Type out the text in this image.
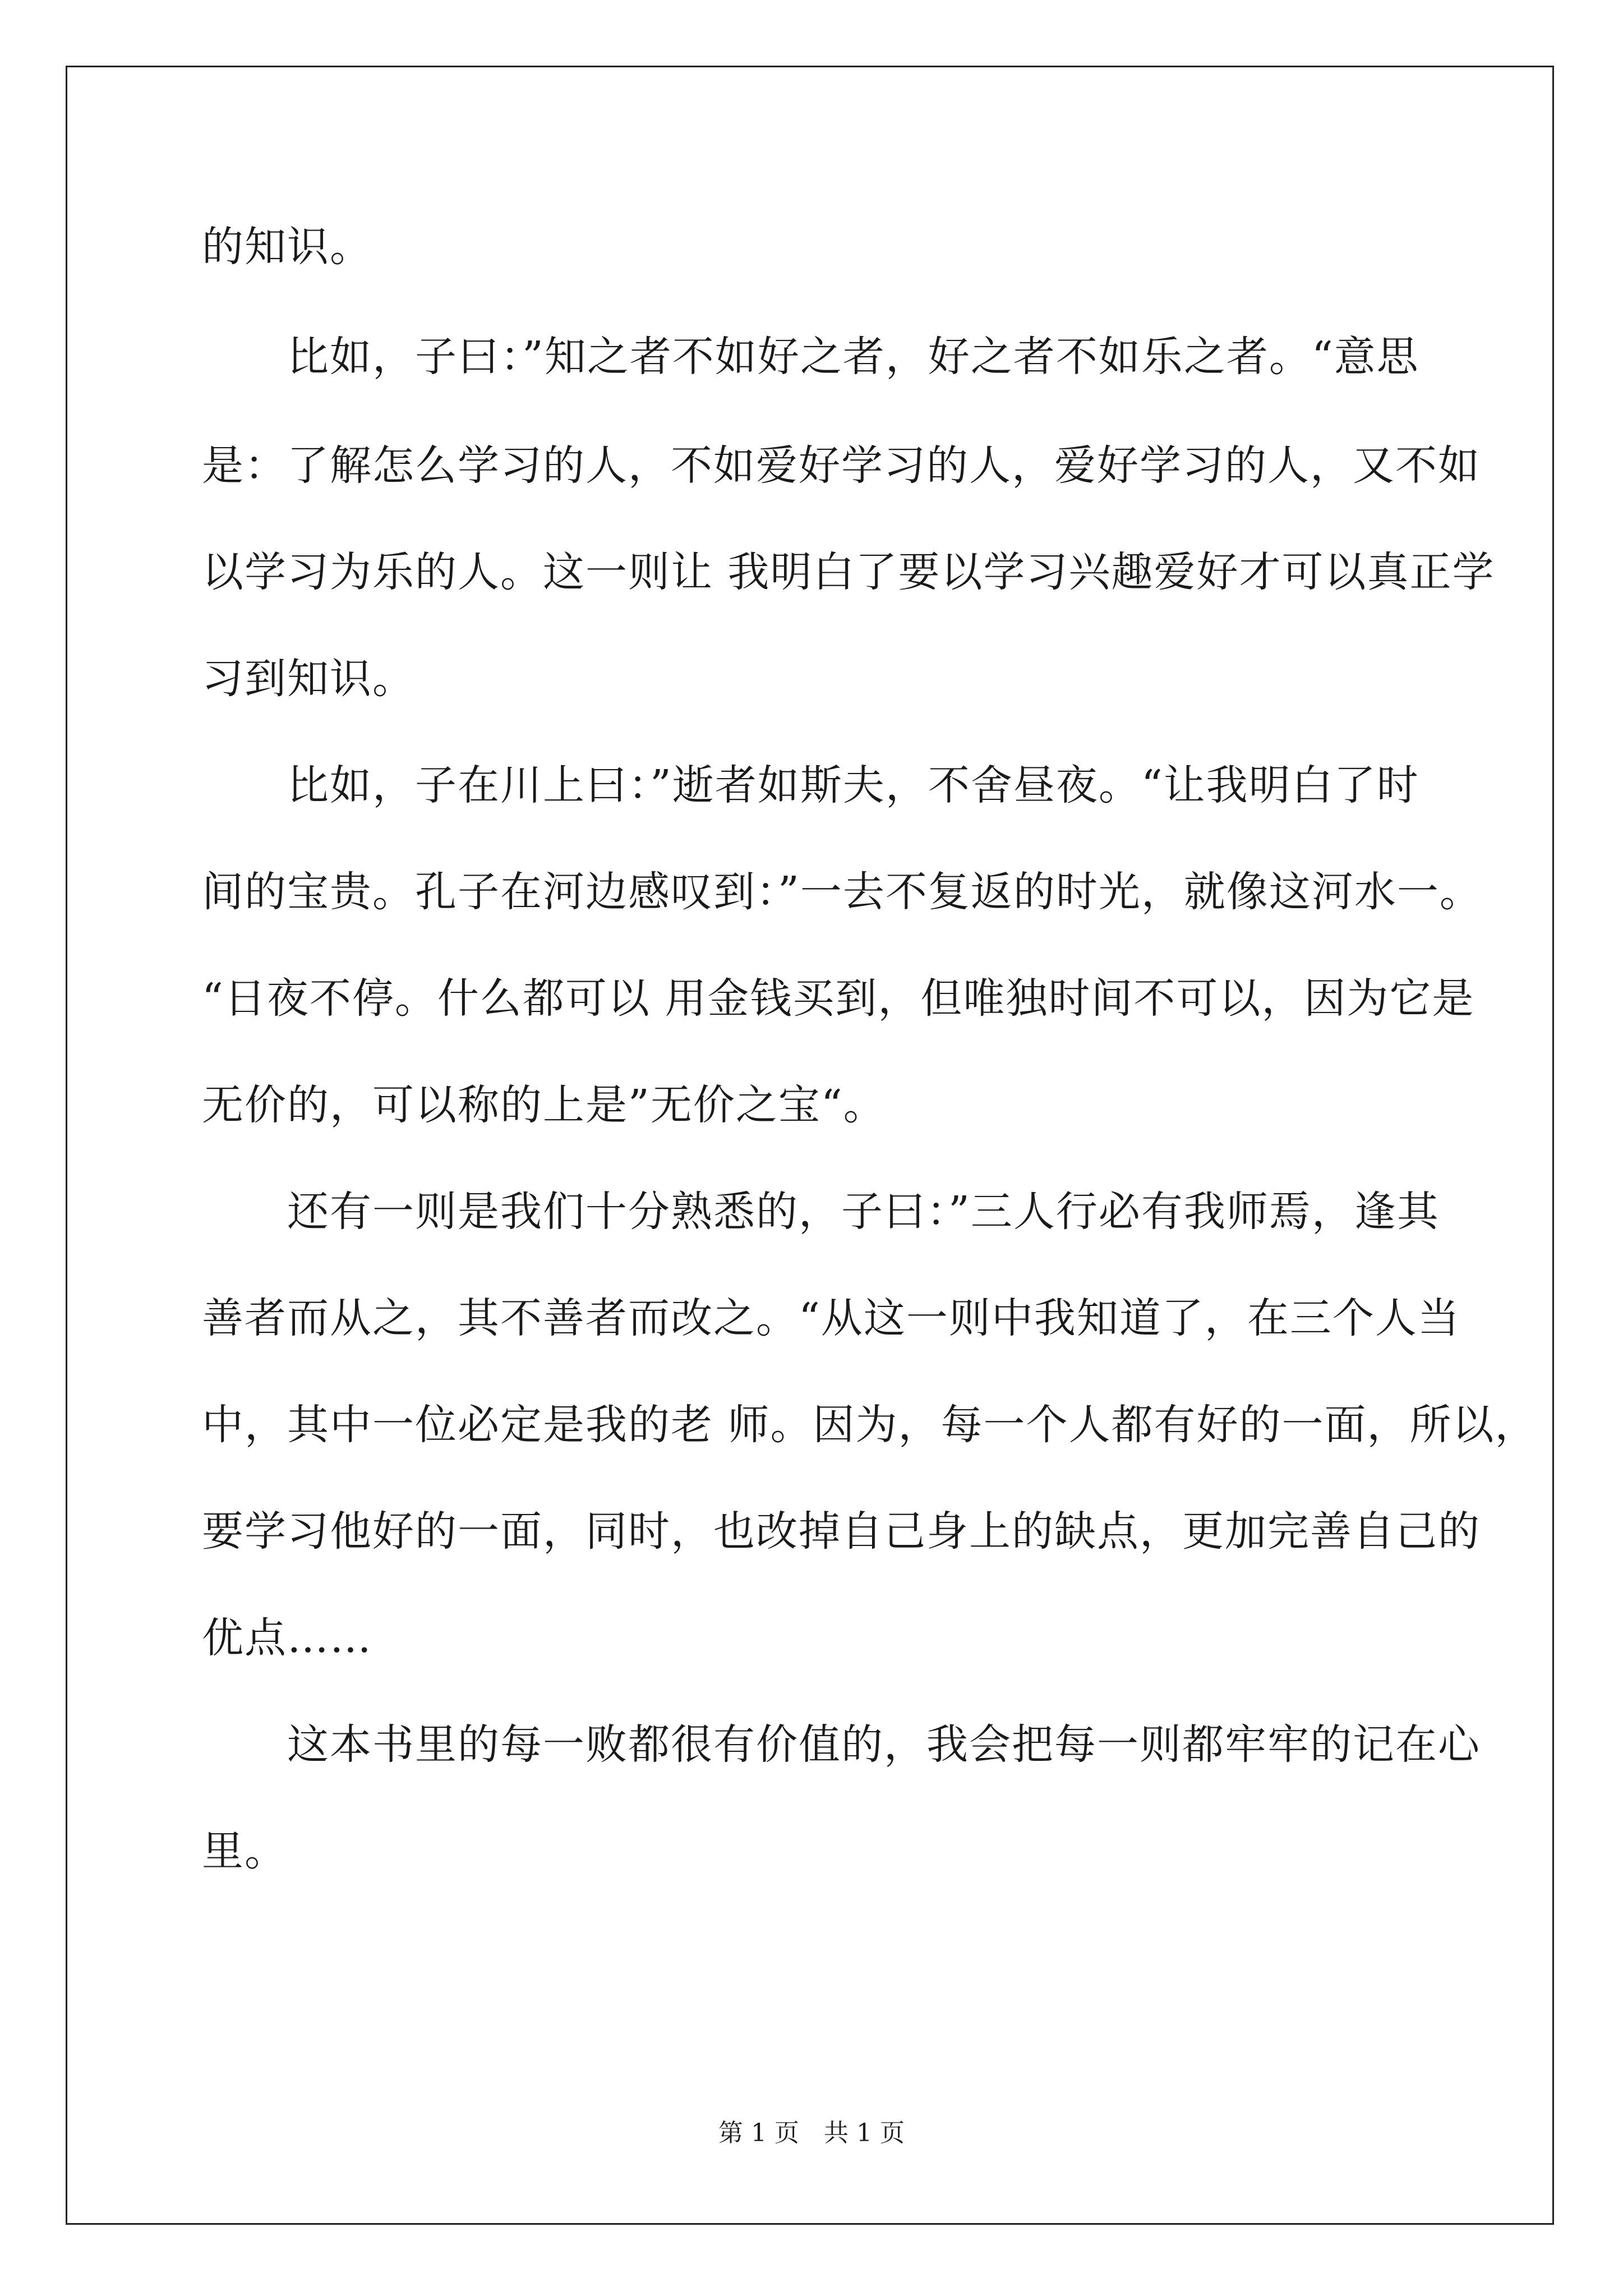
的知识。
　　比如，子曰：”知之者不如好之者，好之者不如乐之者。“意思
是：了解怎么学习的人，不如爱好学习的人，爱好学习的人，又不如
以学习为乐的人。这一则让 我明白了要以学习兴趣爱好才可以真正学
习到知识。
　　比如，子在川上曰：”逝者如斯夫，不舍昼夜。“让我明白了时
间的宝贵。孔子在河边感叹到：”一去不复返的时光，就像这河水一。
“日夜不停。什么都可以 用金钱买到，但唯独时间不可以，因为它是
无价的，可以称的上是”无价之宝“。
　　还有一则是我们十分熟悉的，子曰：”三人行必有我师焉，逢其
善者而从之，其不善者而改之。“从这一则中我知道了，在三个人当
中，其中一位必定是我的老 师。因为，每一个人都有好的一面，所以，
要学习他好的一面，同时，也改掉自己身上的缺点，更加完善自己的
优点……
　　这本书里的每一败都很有价值的，我会把每一则都牢牢的记在心
里。
第 1 页 共 1 页
